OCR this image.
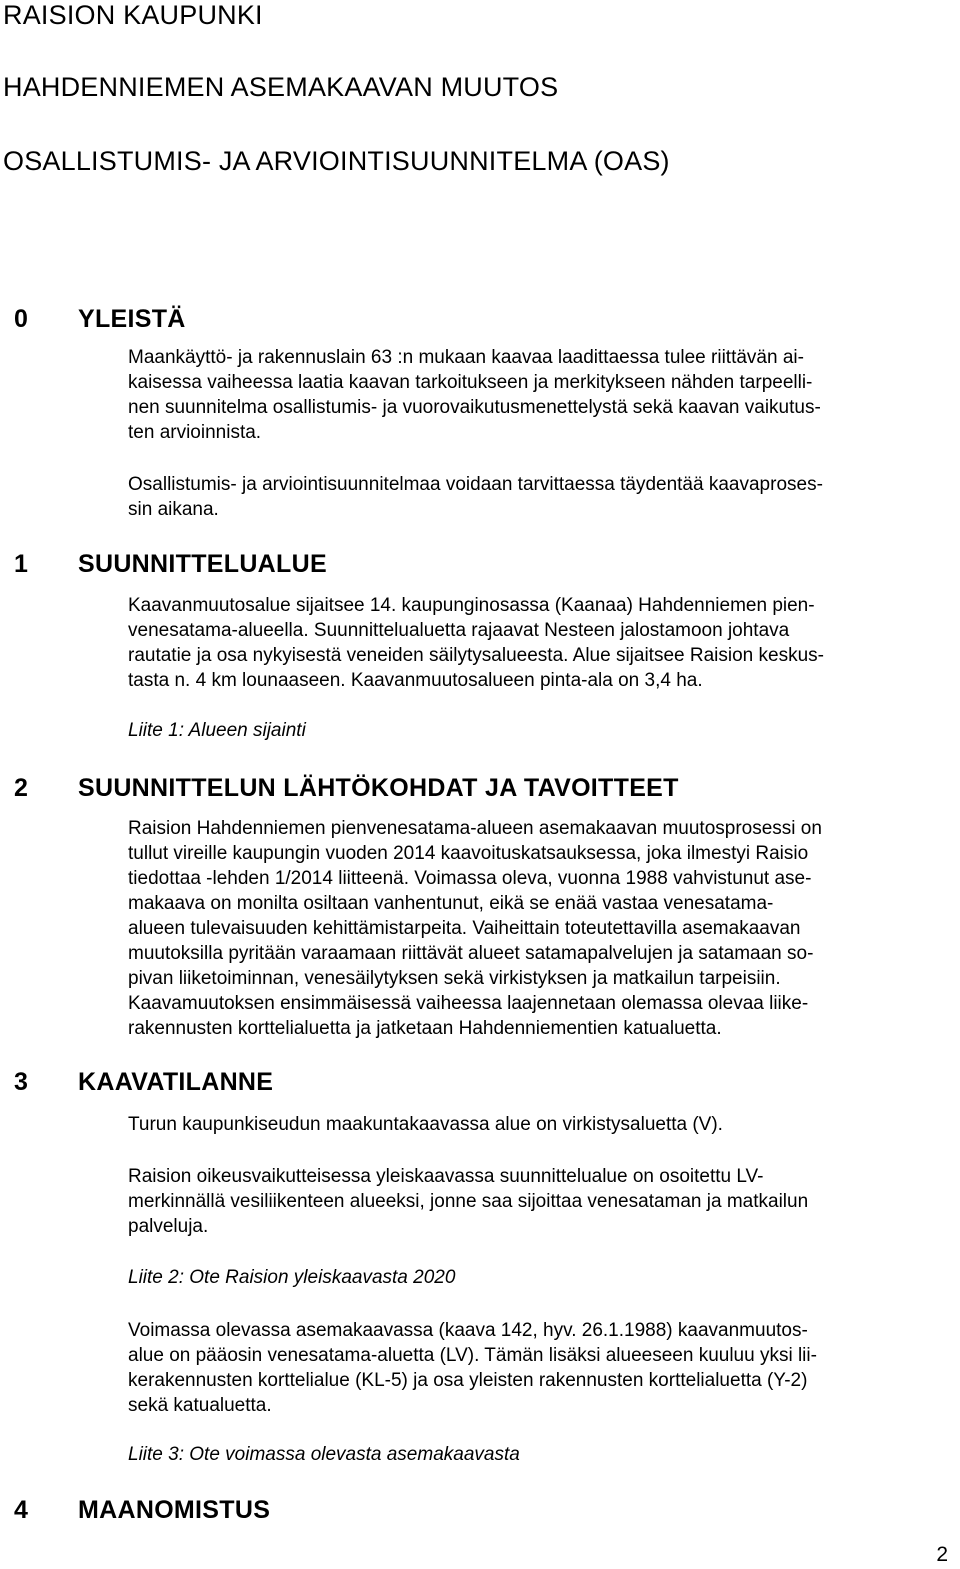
RAISION KAUPUNKI
HAHDENNIEMEN ASEMAKAAVAN MUUTOS
OSALLISTUMIS- JA ARVIOINTISUUNNITELMA (OAS)
0 YLEISTÄ
Maankäyttö- ja rakennuslain 63 :n mukaan kaavaa laadittaessa tulee riittävän ai-
kaisessa vaiheessa laatia kaavan tarkoitukseen ja merkitykseen nähden tarpeelli-
nen suunnitelma osallistumis- ja vuorovaikutusmenettelystä sekä kaavan vaikutus-
ten arvioinnista.
Osallistumis- ja arviointisuunnitelmaa voidaan tarvittaessa täydentää kaavaproses-
sin aikana.
1 SUUNNITTELUALUE
Kaavanmuutosalue sijaitsee 14. kaupunginosassa (Kaanaa) Hahdenniemen pien-
venesatama-alueella. Suunnittelualuetta rajaavat Nesteen jalostamoon johtava
rautatie ja osa nykyisestä veneiden säilytysalueesta. Alue sijaitsee Raision keskus-
tasta n. 4 km lounaaseen. Kaavanmuutosalueen pinta-ala on 3,4 ha.
Liite 1: Alueen sijainti
2 SUUNNITTELUN LÄHTÖKOHDAT JA TAVOITTEET
Raision Hahdenniemen pienvenesatama-alueen asemakaavan muutosprosessi on
tullut vireille kaupungin vuoden 2014 kaavoituskatsauksessa, joka ilmestyi Raisio
tiedottaa -lehden 1/2014 liitteenä. Voimassa oleva, vuonna 1988 vahvistunut ase-
makaava on monilta osiltaan vanhentunut, eikä se enää vastaa venesatama-
alueen tulevaisuuden kehittämistarpeita. Vaiheittain toteutettavilla asemakaavan
muutoksilla pyritään varaamaan riittävät alueet satamapalvelujen ja satamaan so-
pivan liiketoiminnan, venesäilytyksen sekä virkistyksen ja matkailun tarpeisiin.
Kaavamuutoksen ensimmäisessä vaiheessa laajennetaan olemassa olevaa liike-
rakennusten korttelialuetta ja jatketaan Hahdenniementien katualuetta.
3 KAAVATILANNE
Turun kaupunkiseudun maakuntakaavassa alue on virkistysaluetta (V).
Raision oikeusvaikutteisessa yleiskaavassa suunnittelualue on osoitettu LV-
merkinnällä vesiliikenteen alueeksi, jonne saa sijoittaa venesataman ja matkailun
palveluja.
Liite 2: Ote Raision yleiskaavasta 2020
Voimassa olevassa asemakaavassa (kaava 142, hyv. 26.1.1988) kaavanmuutos-
alue on pääosin venesatama-aluetta (LV). Tämän lisäksi alueeseen kuuluu yksi lii-
kerakennusten korttelialue (KL-5) ja osa yleisten rakennusten korttelialuetta (Y-2)
sekä katualuetta.
Liite 3: Ote voimassa olevasta asemakaavasta
4 MAANOMISTUS
2
